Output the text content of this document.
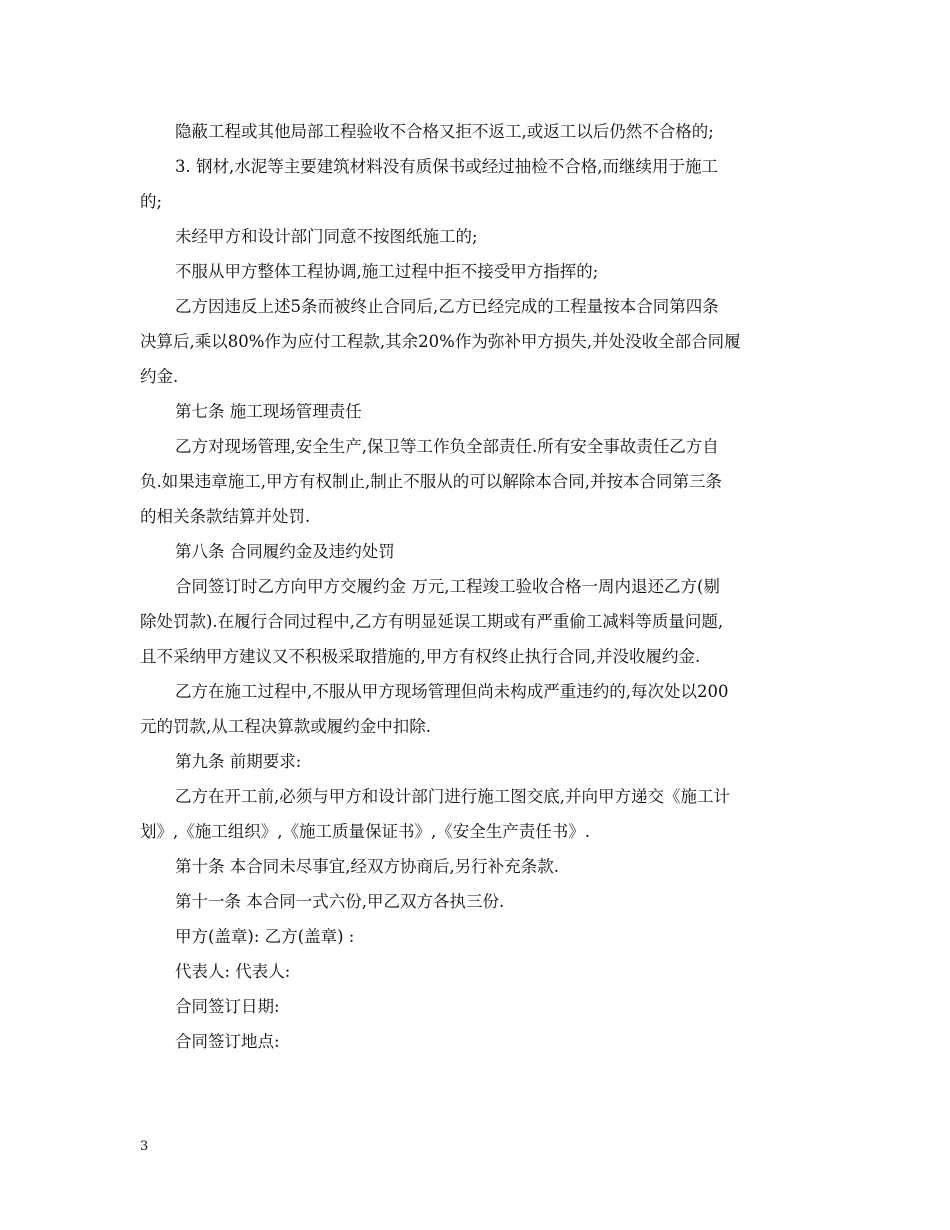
隐蔽工程或其他局部工程验收不合格又拒不返工,或返工以后仍然不合格的;
3. 钢材,水泥等主要建筑材料没有质保书或经过抽检不合格,而继续用于施工
的;
未经甲方和设计部门同意不按图纸施工的;
不服从甲方整体工程协调,施工过程中拒不接受甲方指挥的;
乙方因违反上述5条而被终止合同后,乙方已经完成的工程量按本合同第四条
决算后,乘以80%作为应付工程款,其余20%作为弥补甲方损失,并处没收全部合同履
约金.
第七条 施工现场管理责任
乙方对现场管理,安全生产,保卫等工作负全部责任.所有安全事故责任乙方自
负.如果违章施工,甲方有权制止,制止不服从的可以解除本合同,并按本合同第三条
的相关条款结算并处罚.
第八条 合同履约金及违约处罚
合同签订时乙方向甲方交履约金 万元,工程竣工验收合格一周内退还乙方(剔
除处罚款).在履行合同过程中,乙方有明显延误工期或有严重偷工减料等质量问题,
且不采纳甲方建议又不积极采取措施的,甲方有权终止执行合同,并没收履约金.
乙方在施工过程中,不服从甲方现场管理但尚未构成严重违约的,每次处以200
元的罚款,从工程决算款或履约金中扣除.
第九条 前期要求:
乙方在开工前,必须与甲方和设计部门进行施工图交底,并向甲方递交《施工计
划》,《施工组织》,《施工质量保证书》,《安全生产责任书》.
第十条 本合同未尽事宜,经双方协商后,另行补充条款.
第十一条 本合同一式六份,甲乙双方各执三份.
甲方(盖章): 乙方(盖章) :
代表人: 代表人:
合同签订日期:
合同签订地点:
3
